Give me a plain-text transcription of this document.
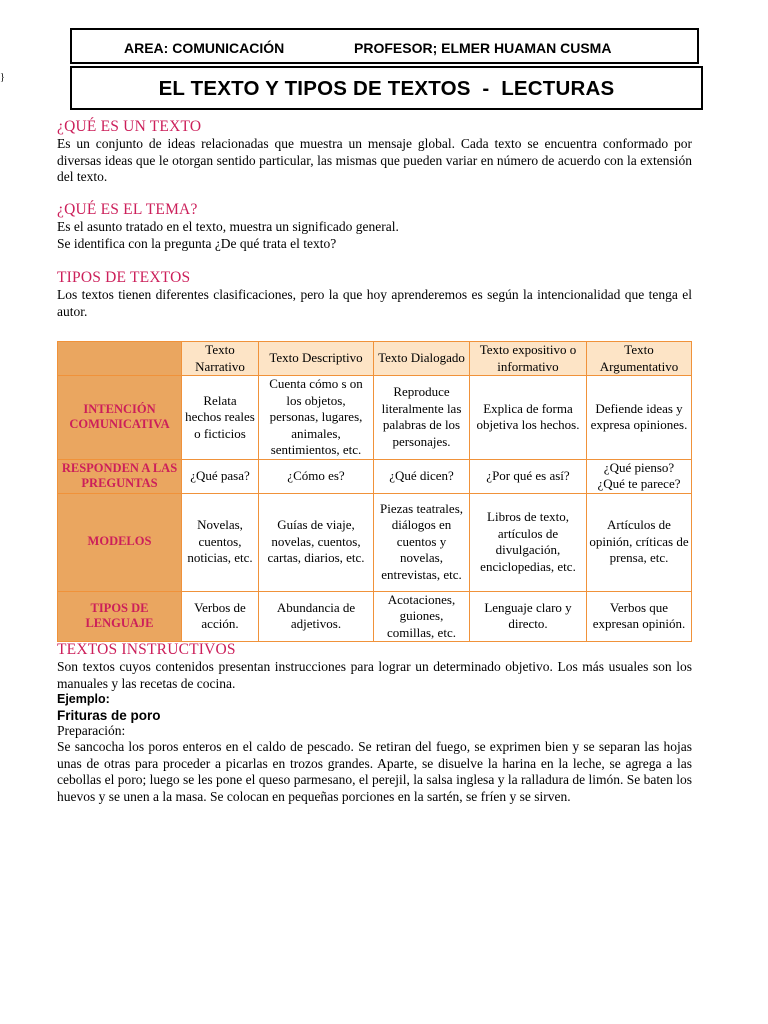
}
AREA: COMUNICACIÓN	PROFESOR; ELMER HUAMAN CUSMA
EL TEXTO Y TIPOS DE TEXTOS  -  LECTURAS
¿QUÉ ES UN TEXTO
Es un conjunto de ideas relacionadas que muestra un mensaje global. Cada texto se encuentra conformado por diversas ideas que le otorgan sentido particular, las mismas que pueden variar en número de acuerdo con la extensión del texto.
¿QUÉ ES EL TEMA?
Es el asunto tratado en el texto, muestra un significado general.
Se identifica con la pregunta ¿De qué trata el texto?
TIPOS DE TEXTOS
Los textos tienen diferentes clasificaciones, pero la que hoy aprenderemos es según la intencionalidad que tenga el autor.
	Texto Narrativo	Texto Descriptivo	Texto Dialogado	Texto expositivo o informativo	Texto Argumentativo
INTENCIÓN COMUNICATIVA	Relata hechos reales o ficticios	Cuenta cómo s on los objetos, personas, lugares, animales, sentimientos, etc.	Reproduce literalmente las palabras de los personajes.	Explica de forma objetiva los hechos.	Defiende ideas y expresa opiniones.
RESPONDEN A LAS PREGUNTAS	¿Qué pasa?	¿Cómo es?	¿Qué dicen?	¿Por qué es así?	¿Qué pienso? ¿Qué te parece?
MODELOS	Novelas, cuentos, noticias, etc.	Guías de viaje, novelas, cuentos, cartas, diarios, etc.	Piezas teatrales, diálogos en cuentos y novelas, entrevistas, etc.	Libros de texto, artículos de divulgación, enciclopedias, etc.	Artículos de opinión, críticas de prensa, etc.
TIPOS DE LENGUAJE	Verbos de acción.	Abundancia de adjetivos.	Acotaciones, guiones, comillas, etc.	Lenguaje claro y directo.	Verbos que expresan opinión.
TEXTOS INSTRUCTIVOS
Son textos cuyos contenidos presentan instrucciones para lograr un determinado objetivo. Los más usuales son los manuales y las recetas de cocina.
Ejemplo:
Frituras de poro
Preparación:
Se sancocha los poros enteros en el caldo de pescado. Se retiran del fuego, se exprimen bien y se separan las hojas unas de otras para proceder a picarlas en trozos grandes. Aparte, se disuelve la harina en la leche, se agrega a las cebollas el poro; luego se les pone el queso parmesano, el perejil, la salsa inglesa y la ralladura de limón. Se baten los huevos y se unen a la masa. Se colocan en pequeñas porciones en la sartén, se fríen y se sirven.
